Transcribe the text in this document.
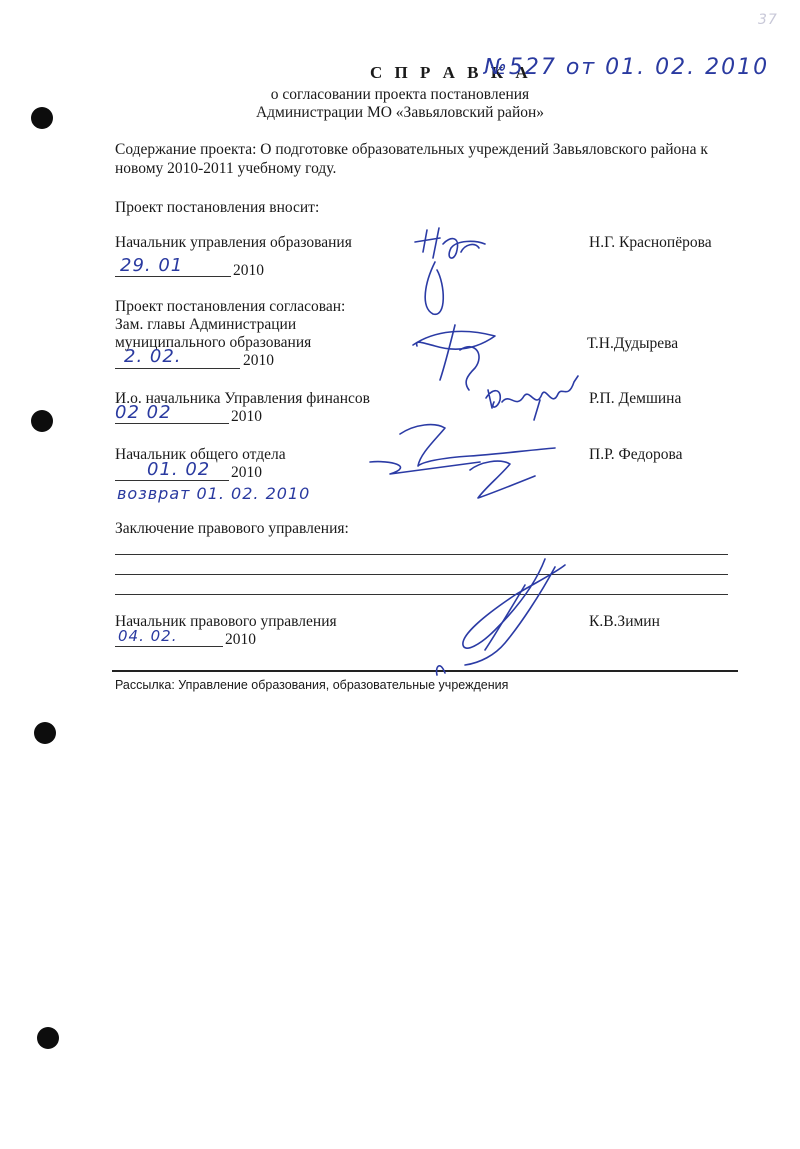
37
С П Р А В К А
№527 от 01. 02. 2010
о согласовании проекта постановления
Администрации МО «Завьяловский район»
Содержание проекта: О подготовке образовательных учреждений Завьяловского района к
новому 2010-2011 учебному году.
Проект постановления вносит:
Начальник управления образования	Н.Г. Краснопёрова
29. 01	2010
Проект постановления согласован:
Зам. главы Администрации
муниципального образования	Т.Н.Дудырева
2. 02.	2010
И.о. начальника Управления финансов	Р.П. Демшина
02 02	2010
Начальник общего отдела	П.Р. Федорова
01. 02 2010
возврат 01. 02. 2010
Заключение правового управления:
Начальник правового управления	К.В.Зимин
04. 02.	2010
Рассылка: Управление образования, образовательные учреждения
